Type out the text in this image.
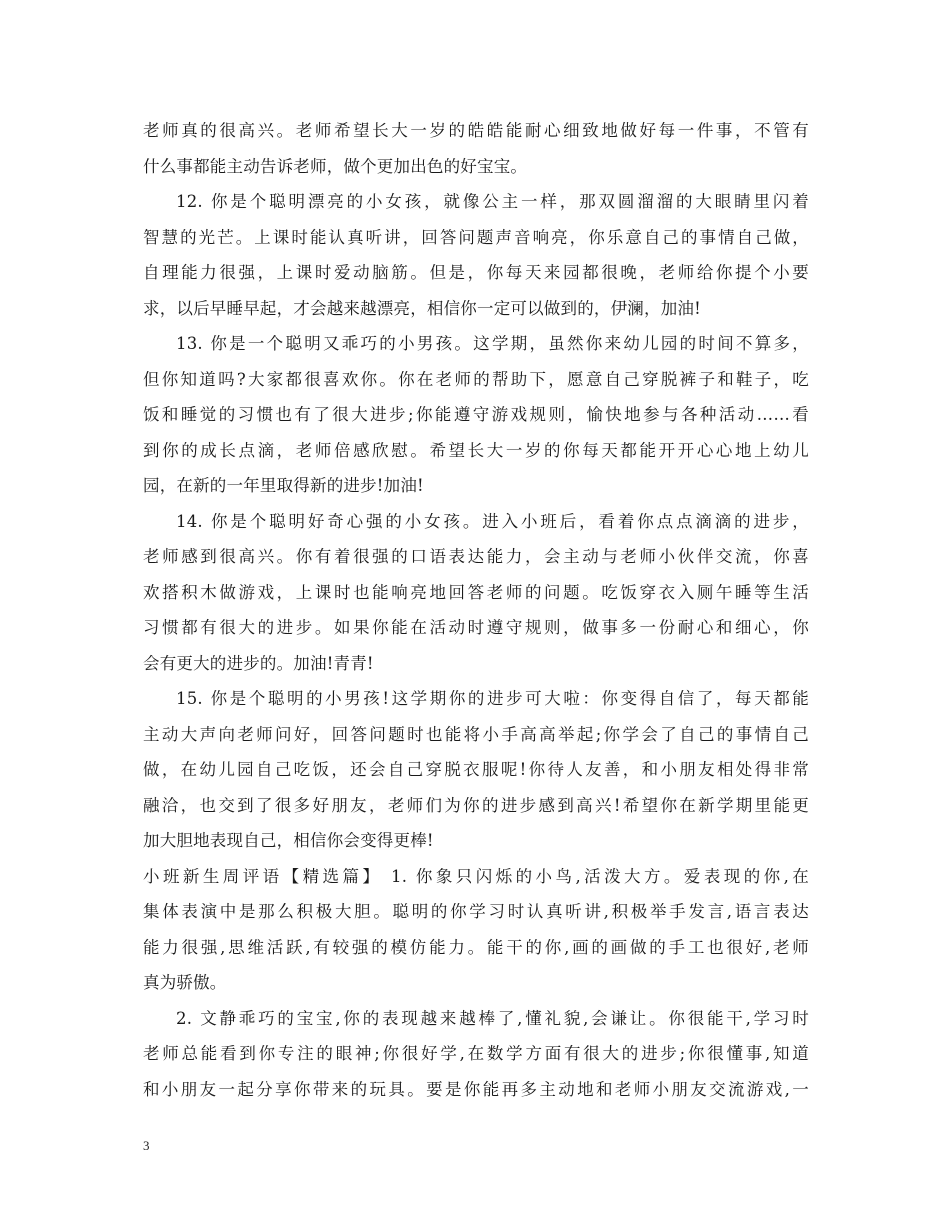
老师真的很高兴。老师希望长大一岁的皓皓能耐心细致地做好每一件事，不管有
什么事都能主动告诉老师，做个更加出色的好宝宝。
12. 你是个聪明漂亮的小女孩，就像公主一样，那双圆溜溜的大眼睛里闪着
智慧的光芒。上课时能认真听讲，回答问题声音响亮，你乐意自己的事情自己做，
自理能力很强，上课时爱动脑筋。但是，你每天来园都很晚，老师给你提个小要
求，以后早睡早起，才会越来越漂亮，相信你一定可以做到的，伊澜，加油!
13. 你是一个聪明又乖巧的小男孩。这学期，虽然你来幼儿园的时间不算多，
但你知道吗?大家都很喜欢你。你在老师的帮助下，愿意自己穿脱裤子和鞋子，吃
饭和睡觉的习惯也有了很大进步;你能遵守游戏规则，愉快地参与各种活动……看
到你的成长点滴，老师倍感欣慰。希望长大一岁的你每天都能开开心心地上幼儿
园，在新的一年里取得新的进步!加油!
14. 你是个聪明好奇心强的小女孩。进入小班后，看着你点点滴滴的进步，
老师感到很高兴。你有着很强的口语表达能力，会主动与老师小伙伴交流，你喜
欢搭积木做游戏，上课时也能响亮地回答老师的问题。吃饭穿衣入厕午睡等生活
习惯都有很大的进步。如果你能在活动时遵守规则，做事多一份耐心和细心，你
会有更大的进步的。加油!青青!
15. 你是个聪明的小男孩!这学期你的进步可大啦：你变得自信了，每天都能
主动大声向老师问好，回答问题时也能将小手高高举起;你学会了自己的事情自己
做，在幼儿园自己吃饭，还会自己穿脱衣服呢!你待人友善，和小朋友相处得非常
融洽，也交到了很多好朋友，老师们为你的进步感到高兴!希望你在新学期里能更
加大胆地表现自己，相信你会变得更棒!
小班新生周评语【精选篇】 1. 你象只闪烁的小鸟,活泼大方。爱表现的你,在
集体表演中是那么积极大胆。聪明的你学习时认真听讲,积极举手发言,语言表达
能力很强,思维活跃,有较强的模仿能力。能干的你,画的画做的手工也很好,老师
真为骄傲。
2. 文静乖巧的宝宝,你的表现越来越棒了,懂礼貌,会谦让。你很能干,学习时
老师总能看到你专注的眼神;你很好学,在数学方面有很大的进步;你很懂事,知道
和小朋友一起分享你带来的玩具。要是你能再多主动地和老师小朋友交流游戏,一
3
